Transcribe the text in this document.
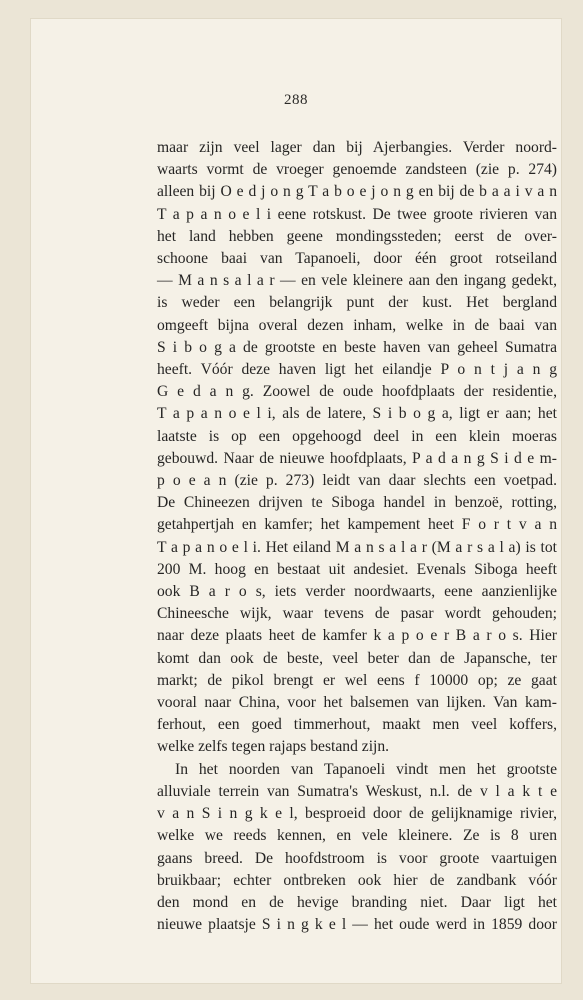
288
maar zijn veel lager dan bij Ajerbangies. Verder noord-
waarts vormt de vroeger genoemde zandsteen (zie p. 274)
alleen bij O e d j o n g T a b o e j o n g en bij de b a a i v a n
T a p a n o e l i eene rotskust. De twee groote rivieren van
het land hebben geene mondingssteden; eerst de over-
schoone baai van Tapanoeli, door één groot rotseiland
— M a n s a l a r — en vele kleinere aan den ingang gedekt,
is weder een belangrijk punt der kust. Het bergland
omgeeft bijna overal dezen inham, welke in de baai van
S i b o g a de grootste en beste haven van geheel Sumatra
heeft. Vóór deze haven ligt het eilandje P o n t j a n g
G e d a n g. Zoowel de oude hoofdplaats der residentie,
T a p a n o e l i, als de latere, S i b o g a, ligt er aan; het
laatste is op een opgehoogd deel in een klein moeras
gebouwd. Naar de nieuwe hoofdplaats, P a d a n g S i d e m-
p o e a n (zie p. 273) leidt van daar slechts een voetpad.
De Chineezen drijven te Siboga handel in benzoë, rotting,
getahpertjah en kamfer; het kampement heet F o r t v a n
T a p a n o e l i. Het eiland M a n s a l a r (M a r s a l a) is tot
200 M. hoog en bestaat uit andesiet. Evenals Siboga heeft
ook B a r o s, iets verder noordwaarts, eene aanzienlijke
Chineesche wijk, waar tevens de pasar wordt gehouden;
naar deze plaats heet de kamfer k a p o e r B a r o s. Hier
komt dan ook de beste, veel beter dan de Japansche, ter
markt; de pikol brengt er wel eens f 10000 op; ze gaat
vooral naar China, voor het balsemen van lijken. Van kam-
ferhout, een goed timmerhout, maakt men veel koffers,
welke zelfs tegen rajaps bestand zijn.
In het noorden van Tapanoeli vindt men het grootste
alluviale terrein van Sumatra's Weskust, n.l. de v l a k t e
v a n S i n g k e l, besproeid door de gelijknamige rivier,
welke we reeds kennen, en vele kleinere. Ze is 8 uren
gaans breed. De hoofdstroom is voor groote vaartuigen
bruikbaar; echter ontbreken ook hier de zandbank vóór
den mond en de hevige branding niet. Daar ligt het
nieuwe plaatsje S i n g k e l — het oude werd in 1859 door
